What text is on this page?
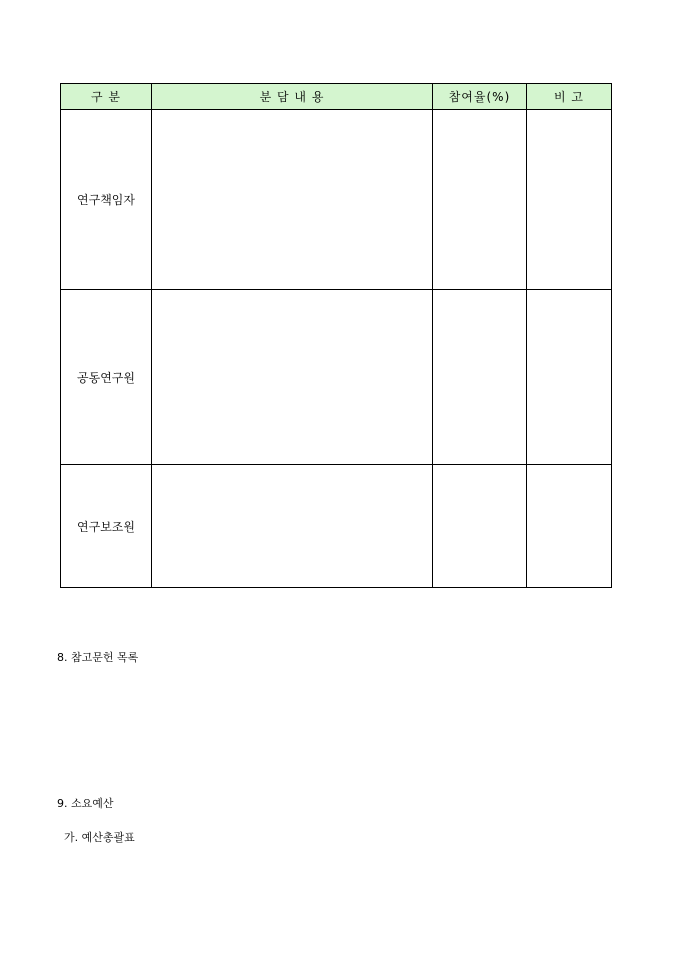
구 분	분 담 내 용	참여율(%)	비 고
연구책임자			
공동연구원			
연구보조원			
8. 참고문헌 목록
9. 소요예산
가. 예산총괄표
